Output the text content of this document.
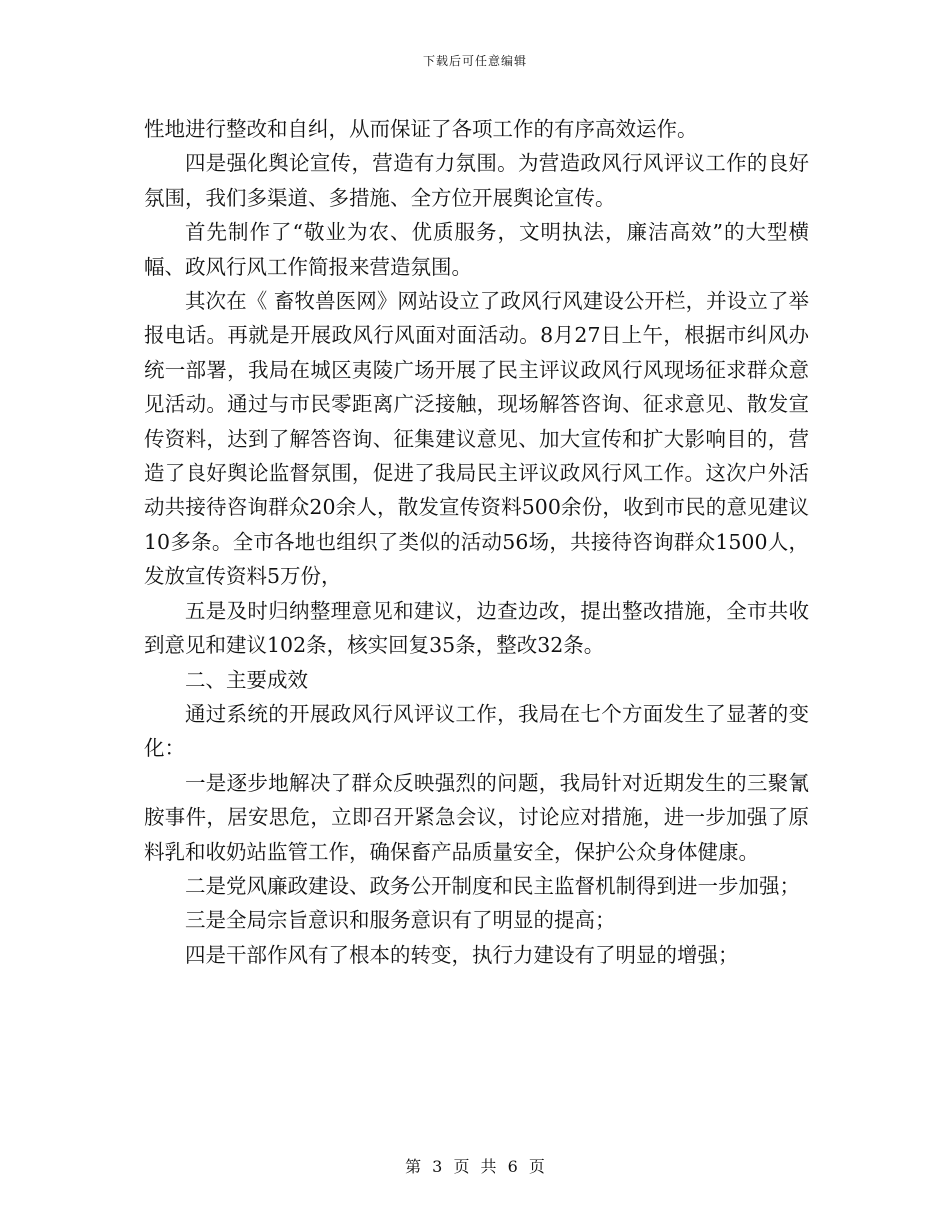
下载后可任意编辑

性地进行整改和自纠，从而保证了各项工作的有序高效运作。

四是强化舆论宣传，营造有力氛围。为营造政风行风评议工作的良好氛围，我们多渠道、多措施、全方位开展舆论宣传。

首先制作了“敬业为农、优质服务，文明执法，廉洁高效”的大型横幅、政风行风工作简报来营造氛围。

其次在《 畜牧兽医网》网站设立了政风行风建设公开栏，并设立了举报电话。再就是开展政风行风面对面活动。8月27日上午，根据市纠风办统一部署，我局在城区夷陵广场开展了民主评议政风行风现场征求群众意见活动。通过与市民零距离广泛接触，现场解答咨询、征求意见、散发宣传资料，达到了解答咨询、征集建议意见、加大宣传和扩大影响目的，营造了良好舆论监督氛围，促进了我局民主评议政风行风工作。这次户外活动共接待咨询群众20余人，散发宣传资料500余份，收到市民的意见建议10多条。全市各地也组织了类似的活动56场，共接待咨询群众1500人，发放宣传资料5万份，

五是及时归纳整理意见和建议，边查边改，提出整改措施，全市共收到意见和建议102条，核实回复35条，整改32条。

二、主要成效

通过系统的开展政风行风评议工作，我局在七个方面发生了显著的变化：

一是逐步地解决了群众反映强烈的问题，我局针对近期发生的三聚氰胺事件，居安思危，立即召开紧急会议，讨论应对措施，进一步加强了原料乳和收奶站监管工作，确保畜产品质量安全，保护公众身体健康。

二是党风廉政建设、政务公开制度和民主监督机制得到进一步加强；

三是全局宗旨意识和服务意识有了明显的提高；

四是干部作风有了根本的转变，执行力建设有了明显的增强；

第 3 页 共 6 页
